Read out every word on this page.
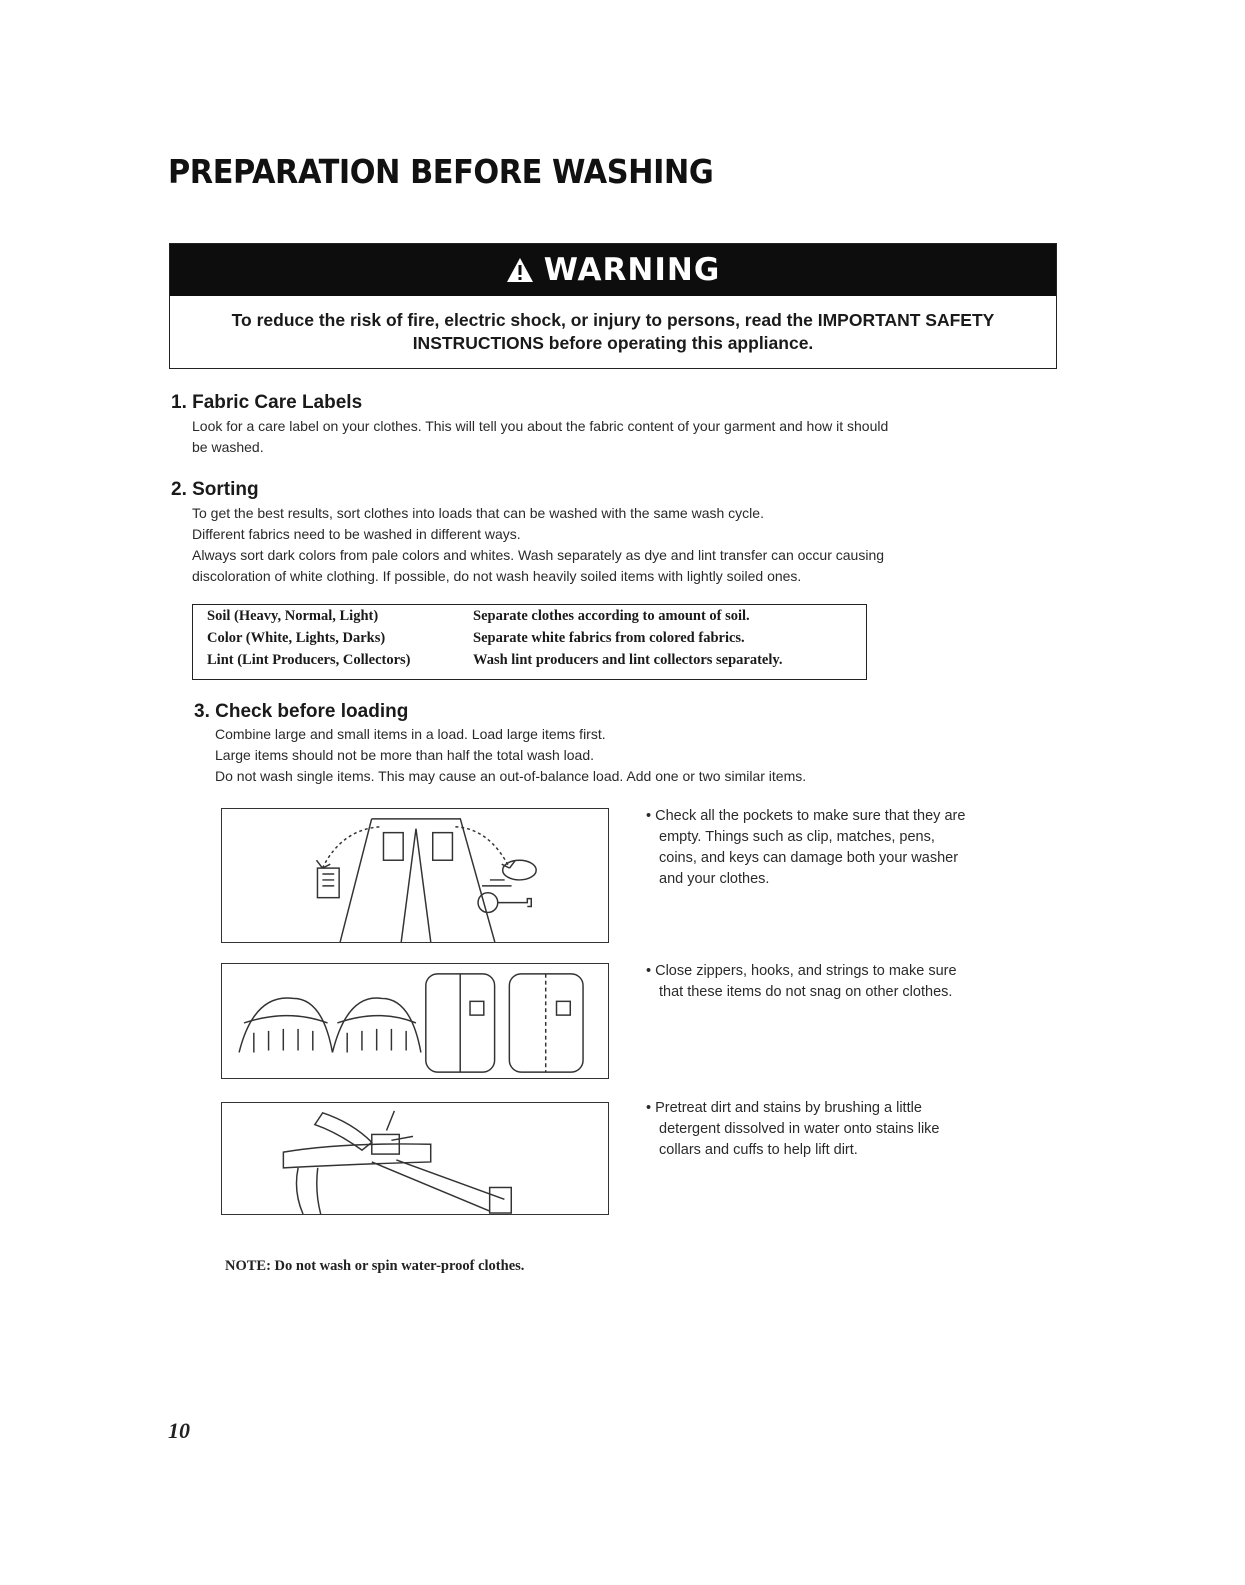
PREPARATION BEFORE WASHING
WARNING
To reduce the risk of fire, electric shock, or injury to persons, read the IMPORTANT SAFETY
INSTRUCTIONS before operating this appliance.
1. Fabric Care Labels
Look for a care label on your clothes. This will tell you about the fabric content of your garment and how it should
be washed.
2. Sorting
To get the best results, sort clothes into loads that can be washed with the same wash cycle.
Different fabrics need to be washed in different ways.
Always sort dark colors from pale colors and whites. Wash separately as dye and lint transfer can occur causing
discoloration of white clothing. If possible, do not wash heavily soiled items with lightly soiled ones.
Soil (Heavy, Normal, Light)	Separate clothes according to amount of soil.
Color (White, Lights, Darks)	Separate white fabrics from colored fabrics.
Lint (Lint Producers, Collectors)	Wash lint producers and lint collectors separately.
3. Check before loading
Combine large and small items in a load. Load large items first.
Large items should not be more than half the total wash load.
Do not wash single items. This may cause an out-of-balance load. Add one or two similar items.
• Check all the pockets to make sure that they are
empty. Things such as clip, matches, pens,
coins, and keys can damage both your washer
and your clothes.
• Close zippers, hooks, and strings to make sure
that these items do not snag on other clothes.
• Pretreat dirt and stains by brushing a little
detergent dissolved in water onto stains like
collars and cuffs to help lift dirt.
NOTE: Do not wash or spin water-proof clothes.
10
